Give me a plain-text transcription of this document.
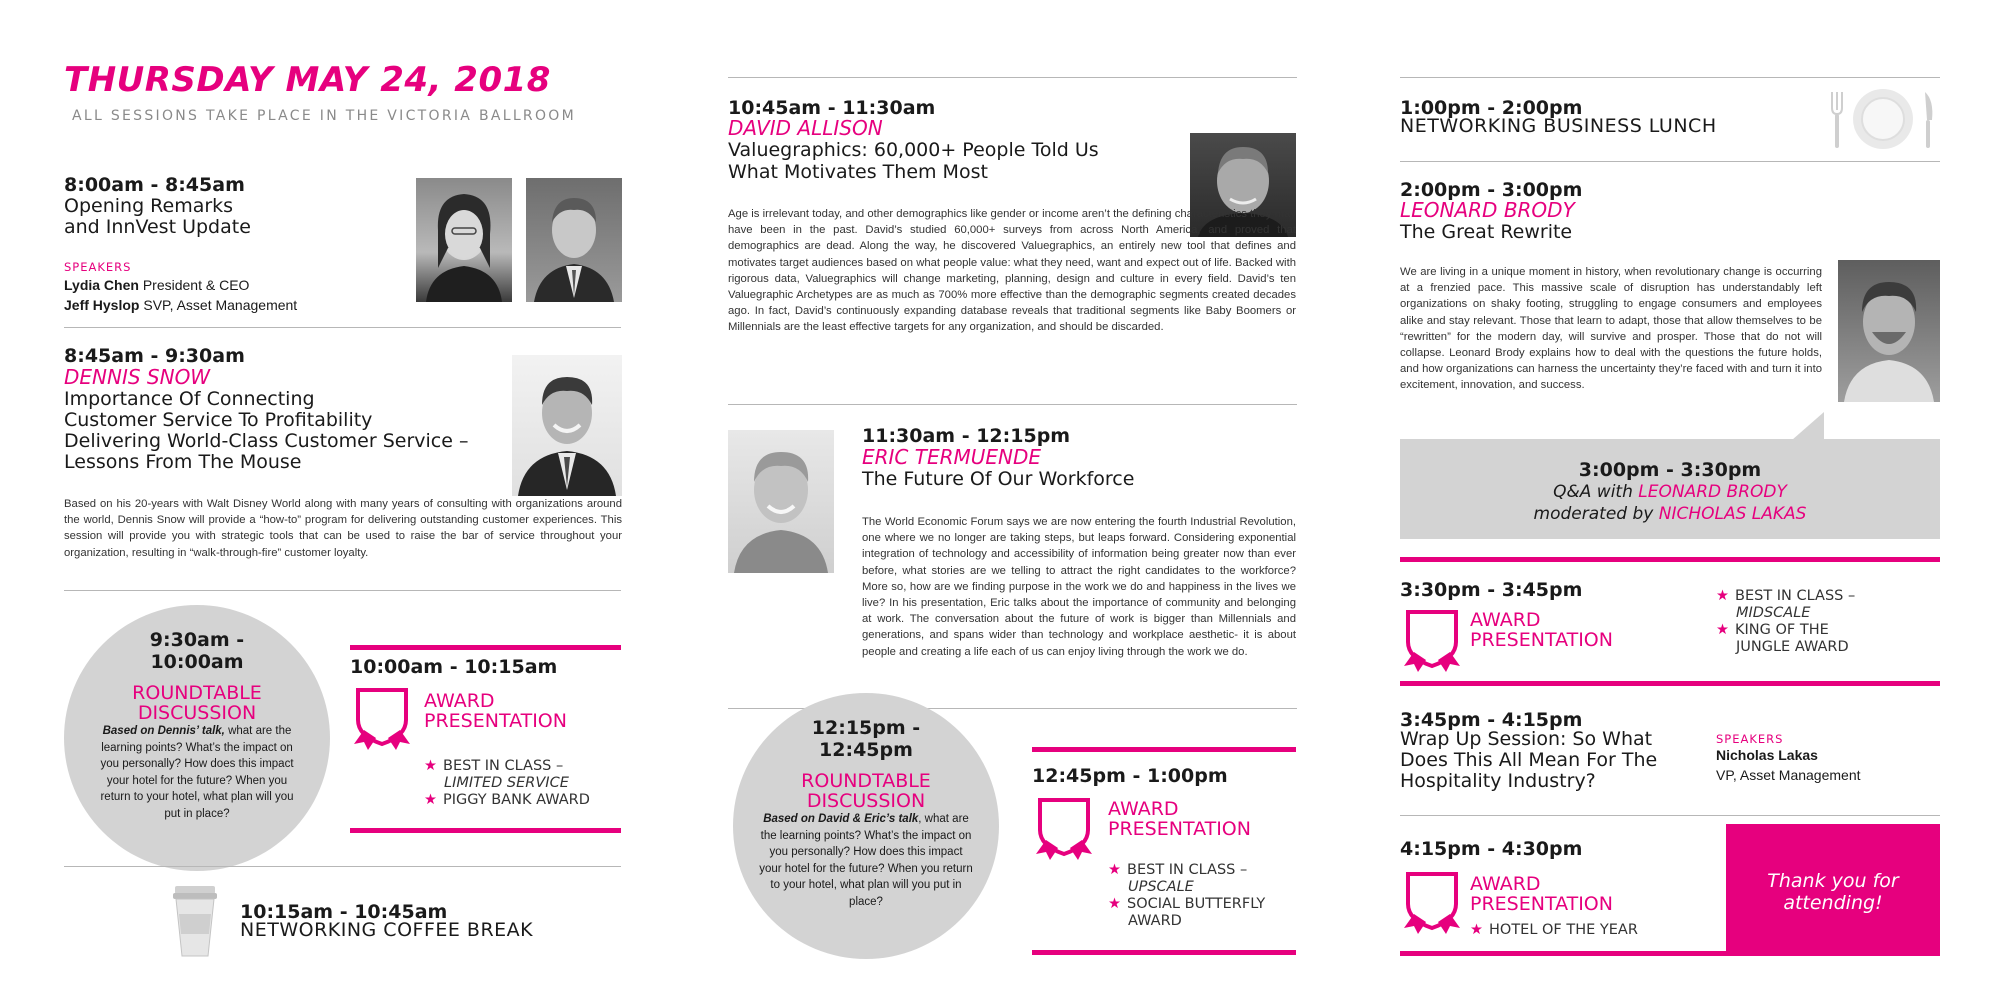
THURSDAY MAY 24, 2018
ALL SESSIONS TAKE PLACE IN THE VICTORIA BALLROOM
8:00am - 8:45am
Opening Remarks
and InnVest Update
SPEAKERS
Lydia Chen President & CEO
Jeff Hyslop SVP, Asset Management
8:45am - 9:30am
DENNIS SNOW
Importance Of Connecting
Customer Service To Profitability
Delivering World-Class Customer Service –
Lessons From The Mouse
Based on his 20-years with Walt Disney World along with many years of consulting with organizations around the world, Dennis Snow will provide a “how-to” program for delivering outstanding customer experiences. This session will provide you with strategic tools that can be used to raise the bar of service throughout your organization, resulting in “walk-through-fire” customer loyalty.
9:30am -
10:00am
ROUNDTABLE
DISCUSSION
Based on Dennis’ talk, what are the learning points? What’s the impact on you personally? How does this impact your hotel for the future? When you return to your hotel, what plan will you put in place?
10:00am - 10:15am
AWARD
PRESENTATION
★ BEST IN CLASS –
LIMITED SERVICE
★ PIGGY BANK AWARD
10:15am - 10:45am
NETWORKING COFFEE BREAK
10:45am - 11:30am
DAVID ALLISON
Valuegraphics: 60,000+ People Told Us
What Motivates Them Most
Age is irrelevant today, and other demographics like gender or income aren’t the defining characteristics they may have been in the past. David’s studied 60,000+ surveys from across North America, and proved that demographics are dead. Along the way, he discovered Valuegraphics, an entirely new tool that defines and motivates target audiences based on what people value: what they need, want and expect out of life. Backed with rigorous data, Valuegraphics will change marketing, planning, design and culture in every field. David’s ten Valuegraphic Archetypes are as much as 700% more effective than the demographic segments created decades ago. In fact, David’s continuously expanding database reveals that traditional segments like Baby Boomers or Millennials are the least effective targets for any organization, and should be discarded.
11:30am - 12:15pm
ERIC TERMUENDE
The Future Of Our Workforce
The World Economic Forum says we are now entering the fourth Industrial Revolution, one where we no longer are taking steps, but leaps forward. Considering exponential integration of technology and accessibility of information being greater now than ever before, what stories are we telling to attract the right candidates to the workforce? More so, how are we finding purpose in the work we do and happiness in the lives we live? In his presentation, Eric talks about the importance of community and belonging at work. The conversation about the future of work is bigger than Millennials and generations, and spans wider than technology and workplace aesthetic- it is about people and creating a life each of us can enjoy living through the work we do.
12:15pm -
12:45pm
ROUNDTABLE
DISCUSSION
Based on David & Eric’s talk, what are the learning points? What’s the impact on you personally? How does this impact your hotel for the future? When you return to your hotel, what plan will you put in place?
12:45pm - 1:00pm
AWARD
PRESENTATION
★ BEST IN CLASS –
UPSCALE
★ SOCIAL BUTTERFLY
AWARD
1:00pm - 2:00pm
NETWORKING BUSINESS LUNCH
2:00pm - 3:00pm
LEONARD BRODY
The Great Rewrite
We are living in a unique moment in history, when revolutionary change is occurring at a frenzied pace. This massive scale of disruption has understandably left organizations on shaky footing, struggling to engage consumers and employees alike and stay relevant. Those that learn to adapt, those that allow themselves to be “rewritten” for the modern day, will survive and prosper. Those that do not will collapse. Leonard Brody explains how to deal with the questions the future holds, and how organizations can harness the uncertainty they’re faced with and turn it into excitement, innovation, and success.
3:00pm - 3:30pm
Q&A with LEONARD BRODY
moderated by NICHOLAS LAKAS
3:30pm - 3:45pm
AWARD
PRESENTATION
★ BEST IN CLASS –
MIDSCALE
★ KING OF THE
JUNGLE AWARD
3:45pm - 4:15pm
Wrap Up Session: So What
Does This All Mean For The
Hospitality Industry?
SPEAKERS
Nicholas Lakas
VP, Asset Management
4:15pm - 4:30pm
AWARD
PRESENTATION
★ HOTEL OF THE YEAR
Thank you for
attending!
